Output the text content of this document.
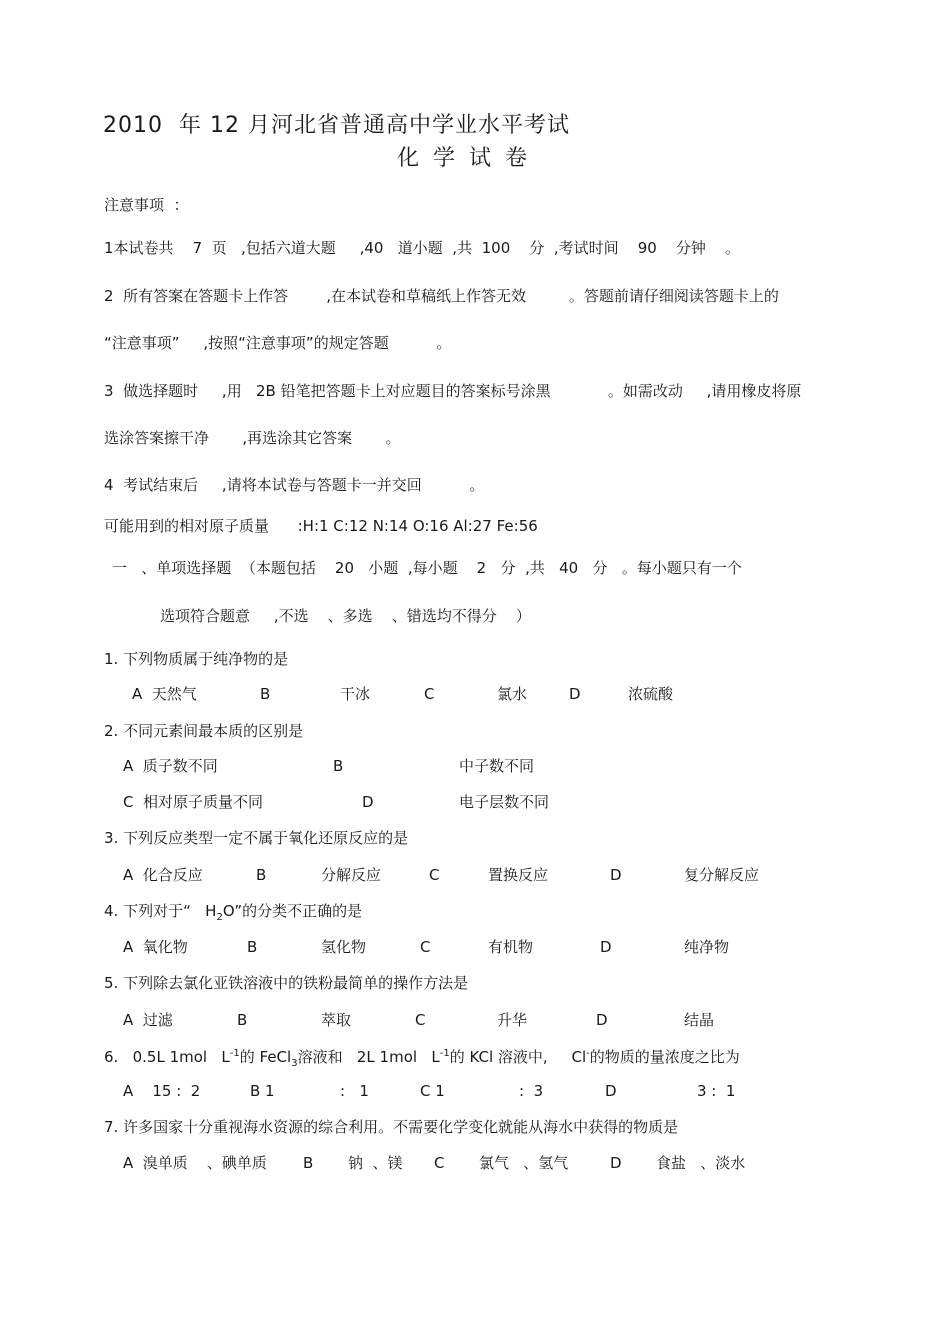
2010  年 12 月河北省普通高中学业水平考试
化学试卷
注意事项  ：
1本试卷共    7  页   ,包括六道大题     ,40   道小题  ,共  100    分  ,考试时间    90    分钟    。
2  所有答案在答题卡上作答        ,在本试卷和草稿纸上作答无效         。答题前请仔细阅读答题卡上的
“注意事项”     ,按照“注意事项”的规定答题          。
3  做选择题时     ,用   2B 铅笔把答题卡上对应题目的答案标号涂黑            。如需改动     ,请用橡皮将原
选涂答案擦干净       ,再选涂其它答案       。
4  考试结束后     ,请将本试卷与答题卡一并交回          。
可能用到的相对原子质量      :H:1 C:12 N:14 O:16 Al:27 Fe:56
一   、单项选择题  （本题包括    20   小题  ,每小题    2   分  ,共   40   分   。每小题只有一个
选项符合题意     ,不选    、多选    、错选均不得分    ）
1. 下列物质属于纯净物的是
A  天然气	B	干冰	C	氯水	D	浓硫酸
2. 不同元素间最本质的区别是
A  质子数不同	B	中子数不同
C  相对原子质量不同	D	电子层数不同
3. 下列反应类型一定不属于氧化还原反应的是
A  化合反应	B	分解反应	C	置换反应	D	复分解反应
4. 下列对于“   $H_2O$”的分类不正确的是
A  氧化物	B	氢化物	C	有机物	D	纯净物
5. 下列除去氯化亚铁溶液中的铁粉最简单的操作方法是
A  过滤	B	萃取	C	升华	D	结晶
6.   0.5L 1mol   $L^{-1}$的 FeCl$_3$溶液和   2L 1mol   $L^{-1}$的 KCl 溶液中,     Cl-的物质的量浓度之比为
A    15 :  2	B 1	:   1	C 1	:  3	D	3 :  1
7. 许多国家十分重视海水资源的综合利用。不需要化学变化就能从海水中获得的物质是
A  溴单质    、碘单质 B 钠  、镁 C 氯气   、氢气	D 食盐   、淡水
